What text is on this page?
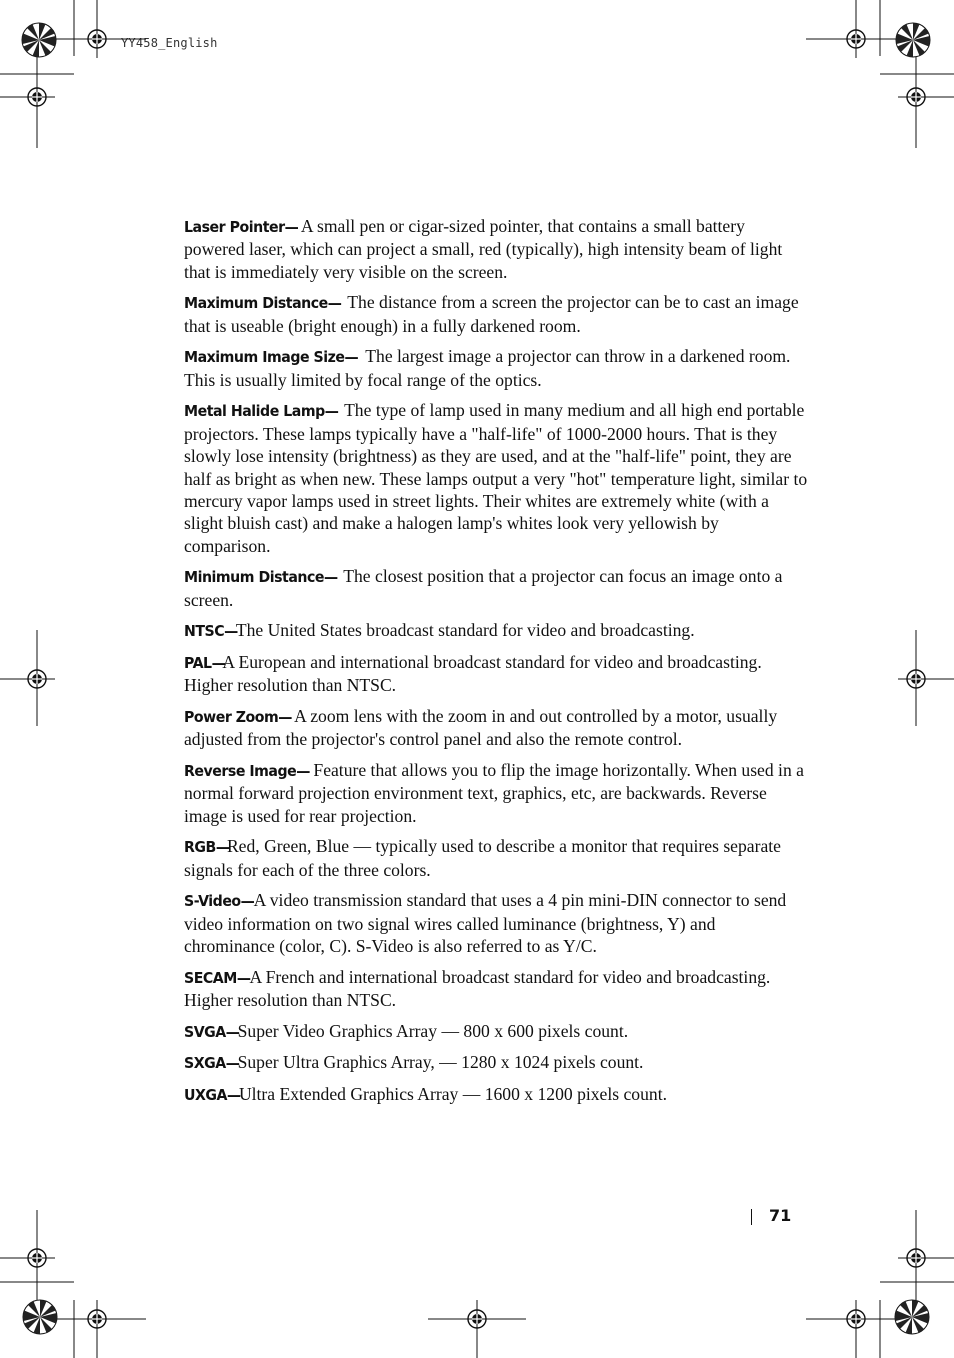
YY458_English

Laser Pointer— A small pen or cigar-sized pointer, that contains a small battery powered laser, which can project a small, red (typically), high intensity beam of light that is immediately very visible on the screen.

Maximum Distance— The distance from a screen the projector can be to cast an image that is useable (bright enough) in a fully darkened room.

Maximum Image Size— The largest image a projector can throw in a darkened room. This is usually limited by focal range of the optics.

Metal Halide Lamp— The type of lamp used in many medium and all high end portable projectors. These lamps typically have a "half-life" of 1000-2000 hours. That is they slowly lose intensity (brightness) as they are used, and at the "half-life" point, they are half as bright as when new. These lamps output a very "hot" temperature light, similar to mercury vapor lamps used in street lights. Their whites are extremely white (with a slight bluish cast) and make a halogen lamp's whites look very yellowish by comparison.

Minimum Distance— The closest position that a projector can focus an image onto a screen.

NTSC—The United States broadcast standard for video and broadcasting.

PAL—A European and international broadcast standard for video and broadcasting. Higher resolution than NTSC.

Power Zoom— A zoom lens with the zoom in and out controlled by a motor, usually adjusted from the projector's control panel and also the remote control.

Reverse Image— Feature that allows you to flip the image horizontally. When used in a normal forward projection environment text, graphics, etc, are backwards. Reverse image is used for rear projection.

RGB—Red, Green, Blue — typically used to describe a monitor that requires separate signals for each of the three colors.

S-Video—A video transmission standard that uses a 4 pin mini-DIN connector to send video information on two signal wires called luminance (brightness, Y) and chrominance (color, C). S-Video is also referred to as Y/C.

SECAM—A French and international broadcast standard for video and broadcasting. Higher resolution than NTSC.

SVGA—Super Video Graphics Array — 800 x 600 pixels count.

SXGA—Super Ultra Graphics Array, — 1280 x 1024 pixels count.

UXGA—Ultra Extended Graphics Array — 1600 x 1200 pixels count.

71
